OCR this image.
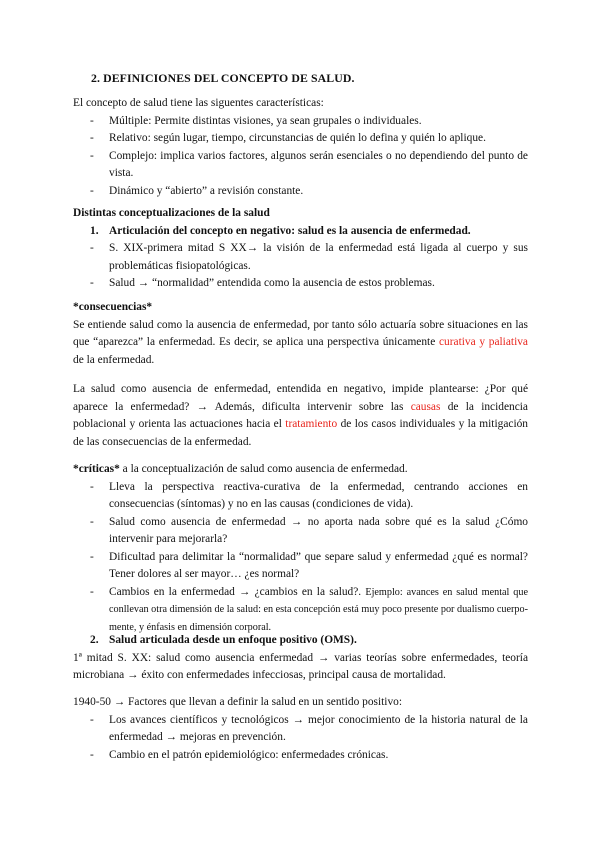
2. DEFINICIONES DEL CONCEPTO DE SALUD.

El concepto de salud tiene las siguentes características:

- Múltiple: Permite distintas visiones, ya sean grupales o individuales.
- Relativo: según lugar, tiempo, circunstancias de quién lo defina y quién lo aplique.
- Complejo: implica varios factores, algunos serán esenciales o no dependiendo del punto de vista.
- Dinámico y “abierto” a revisión constante.

Distintas conceptualizaciones de la salud

1. Articulación del concepto en negativo: salud es la ausencia de enfermedad.
- S. XIX-primera mitad S XX→ la visión de la enfermedad está ligada al cuerpo y sus problemáticas fisiopatológicas.
- Salud → “normalidad” entendida como la ausencia de estos problemas.

*consecuencias*

Se entiende salud como la ausencia de enfermedad, por tanto sólo actuaría sobre situaciones en las que “aparezca” la enfermedad. Es decir, se aplica una perspectiva únicamente curativa y paliativa de la enfermedad.

La salud como ausencia de enfermedad, entendida en negativo, impide plantearse: ¿Por qué aparece la enfermedad? → Además, dificulta intervenir sobre las causas de la incidencia poblacional y orienta las actuaciones hacia el tratamiento de los casos individuales y la mitigación de las consecuencias de la enfermedad.

*críticas* a la conceptualización de salud como ausencia de enfermedad.

- Lleva la perspectiva reactiva-curativa de la enfermedad, centrando acciones en consecuencias (síntomas) y no en las causas (condiciones de vida).
- Salud como ausencia de enfermedad → no aporta nada sobre qué es la salud ¿Cómo intervenir para mejorarla?
- Dificultad para delimitar la “normalidad” que separe salud y enfermedad ¿qué es normal? Tener dolores al ser mayor… ¿es normal?
- Cambios en la enfermedad → ¿cambios en la salud?. Ejemplo: avances en salud mental que conllevan otra dimensión de la salud: en esta concepción está muy poco presente por dualismo cuerpo-mente, y énfasis en dimensión corporal.
2. Salud articulada desde un enfoque positivo (OMS).

1ª mitad S. XX: salud como ausencia enfermedad → varias teorías sobre enfermedades, teoría microbiana → éxito con enfermedades infecciosas, principal causa de mortalidad.

1940-50 → Factores que llevan a definir la salud en un sentido positivo:

- Los avances científicos y tecnológicos → mejor conocimiento de la historia natural de la enfermedad → mejoras en prevención.
- Cambio en el patrón epidemiológico: enfermedades crónicas.
